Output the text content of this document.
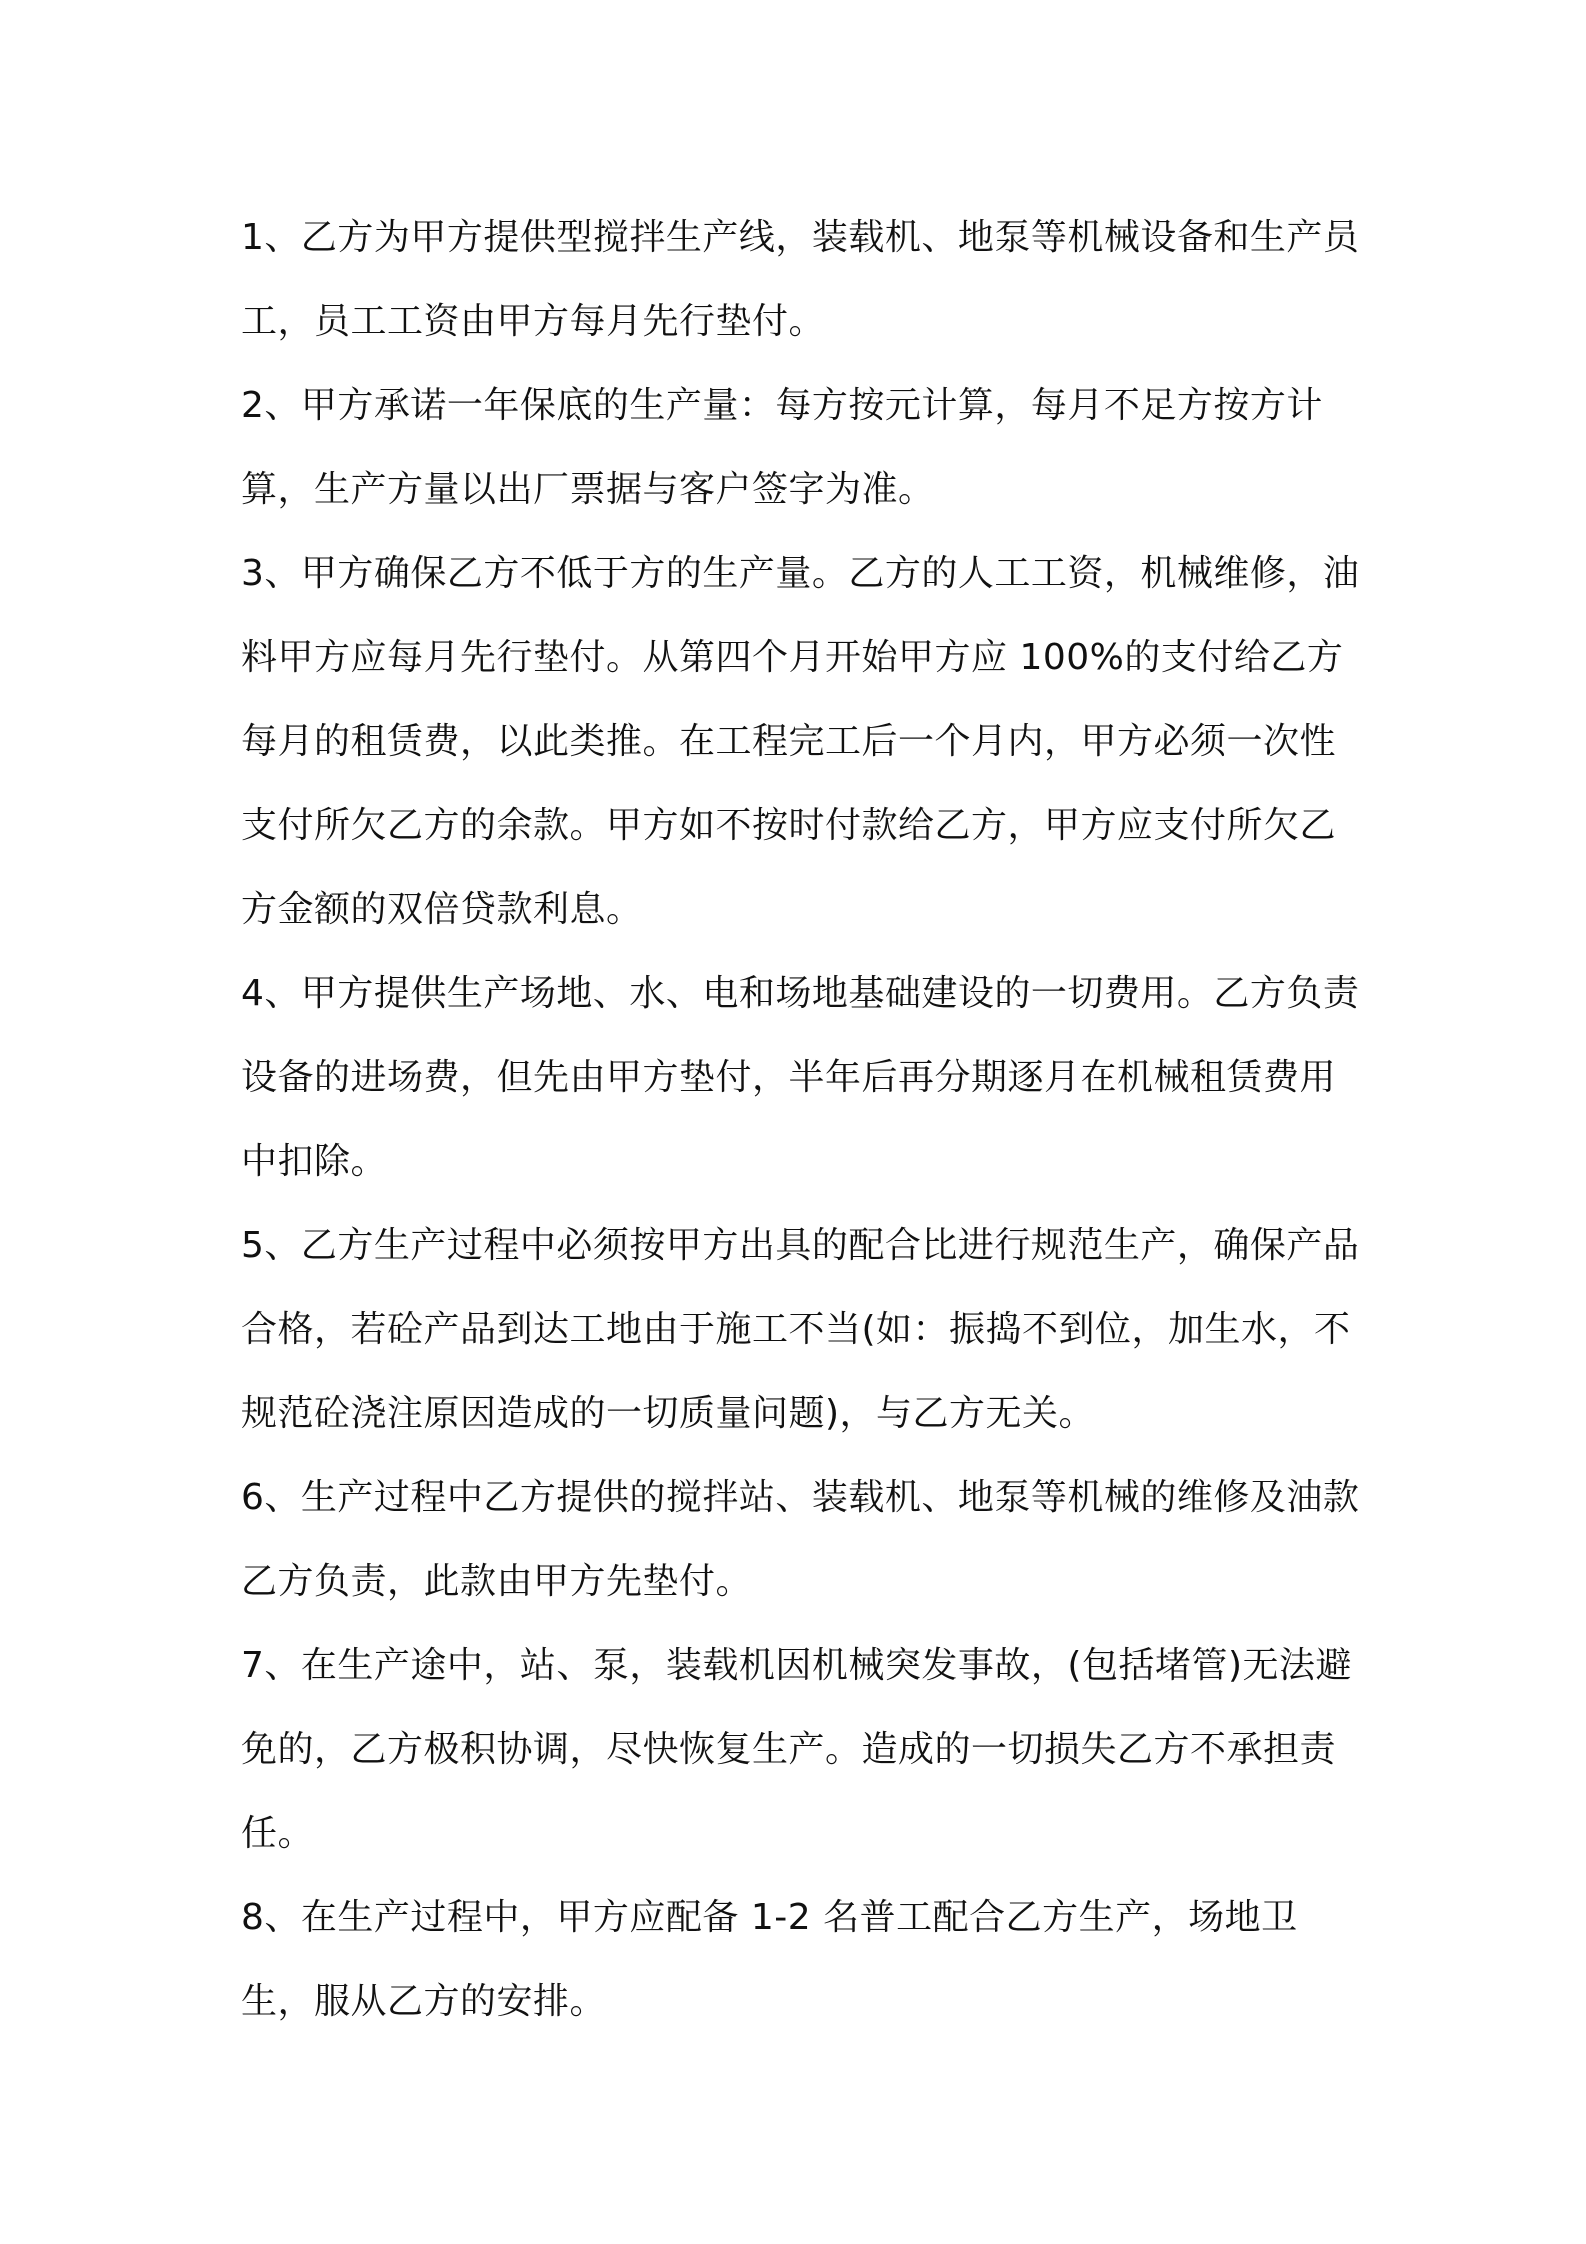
1、乙方为甲方提供型搅拌生产线，装载机、地泵等机械设备和生产员工，员工工资由甲方每月先行垫付。

2、甲方承诺一年保底的生产量：每方按元计算，每月不足方按方计算，生产方量以出厂票据与客户签字为准。

3、甲方确保乙方不低于方的生产量。乙方的人工工资，机械维修，油料甲方应每月先行垫付。从第四个月开始甲方应 100%的支付给乙方每月的租赁费，以此类推。在工程完工后一个月内，甲方必须一次性支付所欠乙方的余款。甲方如不按时付款给乙方，甲方应支付所欠乙方金额的双倍贷款利息。

4、甲方提供生产场地、水、电和场地基础建设的一切费用。乙方负责设备的进场费，但先由甲方垫付，半年后再分期逐月在机械租赁费用中扣除。

5、乙方生产过程中必须按甲方出具的配合比进行规范生产，确保产品合格，若砼产品到达工地由于施工不当(如：振捣不到位，加生水，不规范砼浇注原因造成的一切质量问题)，与乙方无关。

6、生产过程中乙方提供的搅拌站、装载机、地泵等机械的维修及油款乙方负责，此款由甲方先垫付。

7、在生产途中，站、泵，装载机因机械突发事故，(包括堵管)无法避免的，乙方极积协调，尽快恢复生产。造成的一切损失乙方不承担责任。

8、在生产过程中，甲方应配备 1-2 名普工配合乙方生产，场地卫生，服从乙方的安排。
